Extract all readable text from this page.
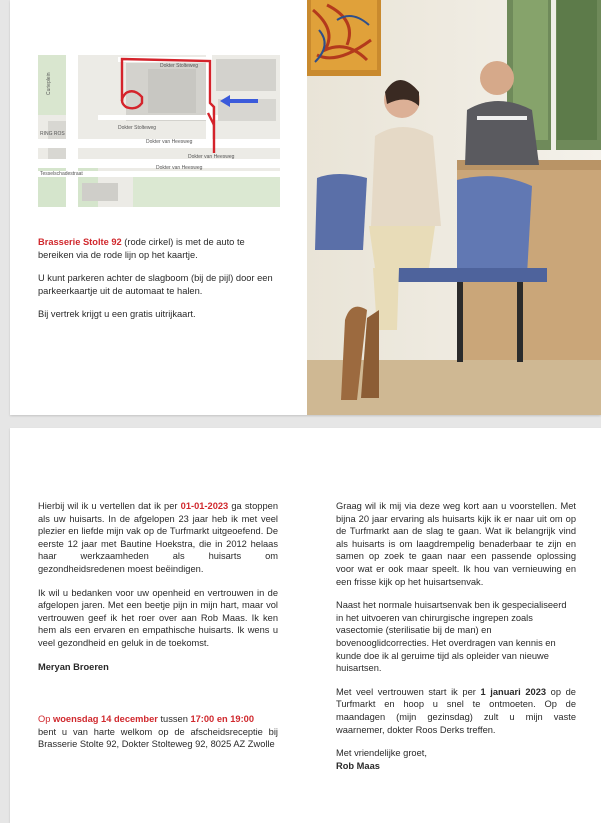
Dokter Stolteweg
Dokter Stolteweg
Dokter van Heesweg
Dokter van Heesweg
Dokter van Heesweg
Tesselschadestraat
RING ROS
Curieplein

Brasserie Stolte 92 (rode cirkel) is met de auto te bereiken via de rode lijn op het kaartje.

U kunt parkeren achter de slagboom (bij de pijl) door een parkeerkaartje uit de automaat te halen.

Bij vertrek krijgt u een gratis uitrijkaart.

Hierbij wil ik u vertellen dat ik per 01-01-2023 ga stoppen als uw huisarts. In de afgelopen 23 jaar heb ik met veel plezier en liefde mijn vak op de Turfmarkt uitgeoefend. De eerste 12 jaar met Bautine Hoekstra, die in 2012 helaas haar werkzaamheden als huisarts om gezondheidsredenen moest beëindigen.

Ik wil u bedanken voor uw openheid en vertrouwen in de afgelopen jaren. Met een beetje pijn in mijn hart, maar vol vertrouwen geef ik het roer over aan Rob Maas. Ik ken hem als een ervaren en empathische huisarts. Ik wens u veel gezondheid en geluk in de toekomst.

Meryan Broeren

Op woensdag 14 december tussen 17:00 en 19:00
bent u van harte welkom op de afscheidsreceptie bij Brasserie Stolte 92, Dokter Stolteweg 92, 8025 AZ Zwolle

Graag wil ik mij via deze weg kort aan u voorstellen. Met bijna 20 jaar ervaring als huisarts kijk ik er naar uit om op de Turfmarkt aan de slag te gaan. Wat ik belangrijk vind als huisarts is om laagdrempelig benaderbaar te zijn en samen op zoek te gaan naar een passende oplossing voor wat er ook maar speelt. Ik hou van vernieuwing en een frisse kijk op het huisartsenvak.

Naast het normale huisartsenvak ben ik gespecialiseerd in het uitvoeren van chirurgische ingrepen zoals vasectomie (sterilisatie bij de man) en bovenooglidcorrecties. Het overdragen van kennis en kunde doe ik al geruime tijd als opleider van nieuwe huisartsen.

Met veel vertrouwen start ik per 1 januari 2023 op de Turfmarkt en hoop u snel te ontmoeten. Op de maandagen (mijn gezinsdag) zult u mijn vaste waarnemer, dokter Roos Derks treffen.

Met vriendelijke groet,
Rob Maas
